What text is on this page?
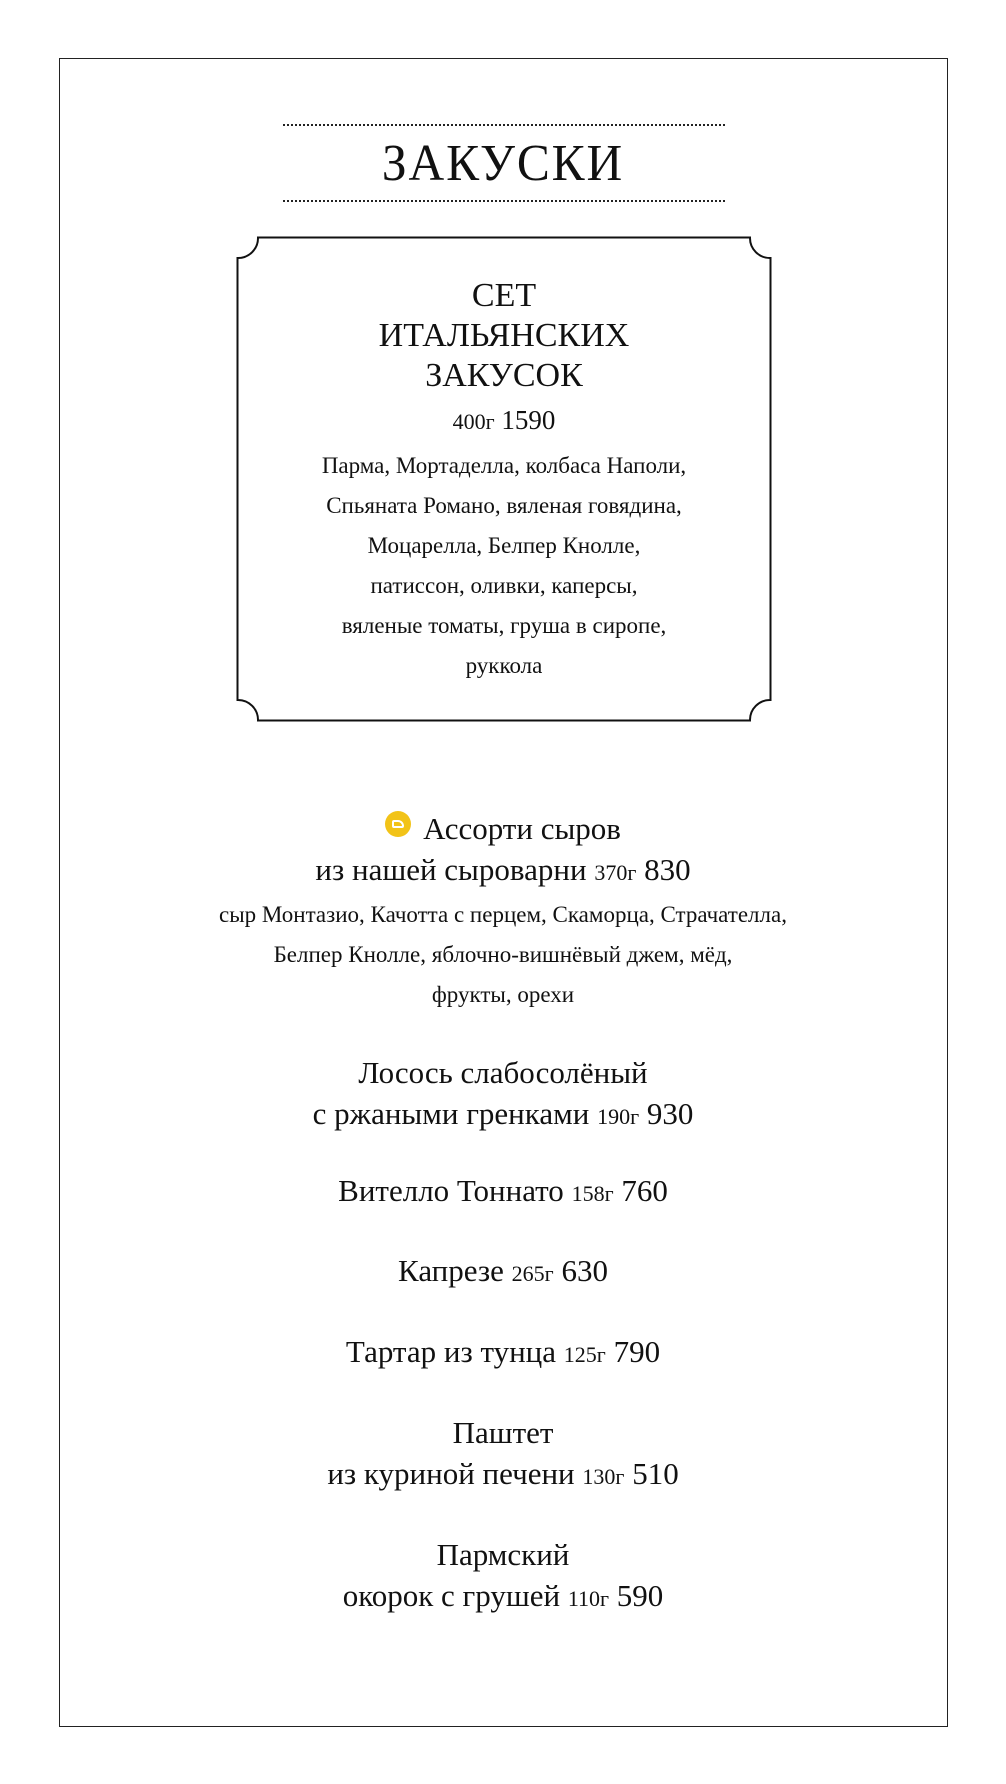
ЗАКУСКИ
СЕТ
ИТАЛЬЯНСКИХ
ЗАКУСОК
400г 1590
Парма, Мортаделла, колбаса Наполи,
Спьяната Романо, вяленая говядина,
Моцарелла, Белпер Кнолле,
патиссон, оливки, каперсы,
вяленые томаты, груша в сиропе,
руккола
Ассорти сыров
из нашей сыроварни 370г 830
сыр Монтазио, Качотта с перцем, Скаморца, Страчателла,
Белпер Кнолле, яблочно-вишнёвый джем, мёд,
фрукты, орехи
Лосось слабосолёный
с ржаными гренками 190г 930
Вителло Тоннато 158г 760
Капрезе 265г 630
Тартар из тунца 125г 790
Паштет
из куриной печени 130г 510
Пармский
окорок с грушей 110г 590
